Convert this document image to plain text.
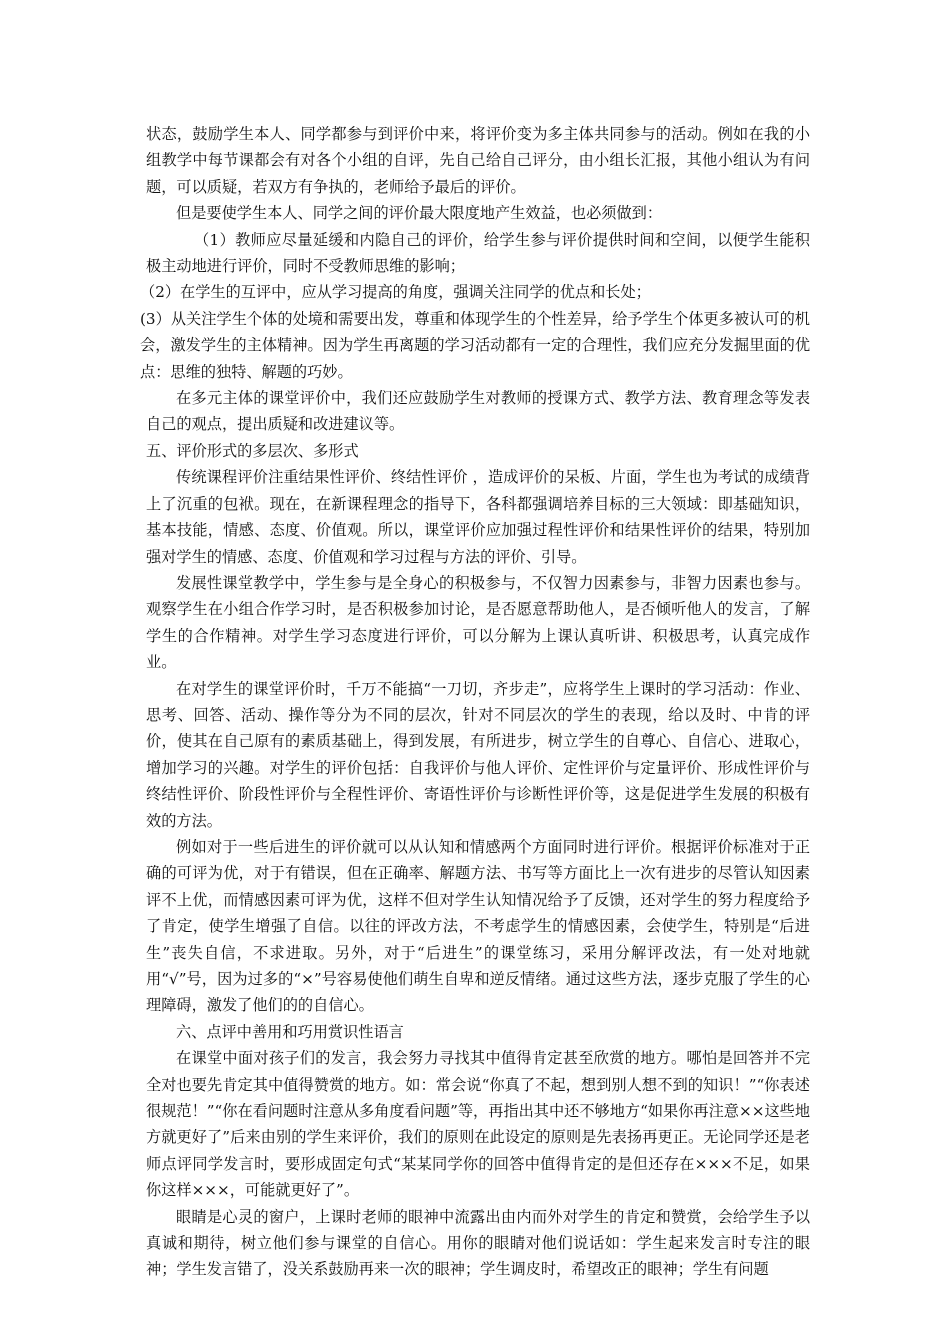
状态，鼓励学生本人、同学都参与到评价中来，将评价变为多主体共同参与的活动。例如在我的小组教学中每节课都会有对各个小组的自评，先自己给自己评分，由小组长汇报，其他小组认为有问题，可以质疑，若双方有争执的，老师给予最后的评价。

但是要使学生本人、同学之间的评价最大限度地产生效益，也必须做到：

（1）教师应尽量延缓和内隐自己的评价，给学生参与评价提供时间和空间，以便学生能积极主动地进行评价，同时不受教师思维的影响；

（2）在学生的互评中，应从学习提高的角度，强调关注同学的优点和长处；

(3）从关注学生个体的处境和需要出发，尊重和体现学生的个性差异，给予学生个体更多被认可的机会，激发学生的主体精神。因为学生再离题的学习活动都有一定的合理性，我们应充分发掘里面的优点：思维的独特、解题的巧妙。

在多元主体的课堂评价中，我们还应鼓励学生对教师的授课方式、教学方法、教育理念等发表自己的观点，提出质疑和改进建议等。

五、评价形式的多层次、多形式

传统课程评价注重结果性评价、终结性评价 ，造成评价的呆板、片面，学生也为考试的成绩背上了沉重的包袱。现在，在新课程理念的指导下，各科都强调培养目标的三大领域：即基础知识，基本技能，情感、态度、价值观。所以，课堂评价应加强过程性评价和结果性评价的结果，特别加强对学生的情感、态度、价值观和学习过程与方法的评价、引导。

发展性课堂教学中，学生参与是全身心的积极参与，不仅智力因素参与，非智力因素也参与。观察学生在小组合作学习时，是否积极参加讨论，是否愿意帮助他人，是否倾听他人的发言，了解学生的合作精神。对学生学习态度进行评价，可以分解为上课认真听讲、积极思考，认真完成作业。

在对学生的课堂评价时，千万不能搞“一刀切，齐步走”，应将学生上课时的学习活动：作业、思考、回答、活动、操作等分为不同的层次，针对不同层次的学生的表现，给以及时、中肯的评价，使其在自己原有的素质基础上，得到发展，有所进步，树立学生的自尊心、自信心、进取心，增加学习的兴趣。对学生的评价包括：自我评价与他人评价、定性评价与定量评价、形成性评价与终结性评价、阶段性评价与全程性评价、寄语性评价与诊断性评价等，这是促进学生发展的积极有效的方法。

例如对于一些后进生的评价就可以从认知和情感两个方面同时进行评价。根据评价标准对于正确的可评为优，对于有错误，但在正确率、解题方法、书写等方面比上一次有进步的尽管认知因素评不上优，而情感因素可评为优，这样不但对学生认知情况给予了反馈，还对学生的努力程度给予了肯定，使学生增强了自信。以往的评改方法，不考虑学生的情感因素，会使学生，特别是“后进生”丧失自信，不求进取。另外，对于“后进生”的课堂练习，采用分解评改法，有一处对地就用“√”号，因为过多的“×”号容易使他们萌生自卑和逆反情绪。通过这些方法，逐步克服了学生的心理障碍，激发了他们的的自信心。

六、点评中善用和巧用赏识性语言

在课堂中面对孩子们的发言，我会努力寻找其中值得肯定甚至欣赏的地方。哪怕是回答并不完全对也要先肯定其中值得赞赏的地方。如：常会说“你真了不起，想到别人想不到的知识！”“你表述很规范！”“你在看问题时注意从多角度看问题”等，再指出其中还不够地方“如果你再注意××这些地方就更好了”后来由别的学生来评价，我们的原则在此设定的原则是先表扬再更正。无论同学还是老师点评同学发言时，要形成固定句式“某某同学你的回答中值得肯定的是但还存在×××不足，如果你这样×××，可能就更好了”。

眼睛是心灵的窗户，上课时老师的眼神中流露出由内而外对学生的肯定和赞赏，会给学生予以真诚和期待，树立他们参与课堂的自信心。用你的眼睛对他们说话如：学生起来发言时专注的眼神；学生发言错了，没关系鼓励再来一次的眼神；学生调皮时，希望改正的眼神；学生有问题
